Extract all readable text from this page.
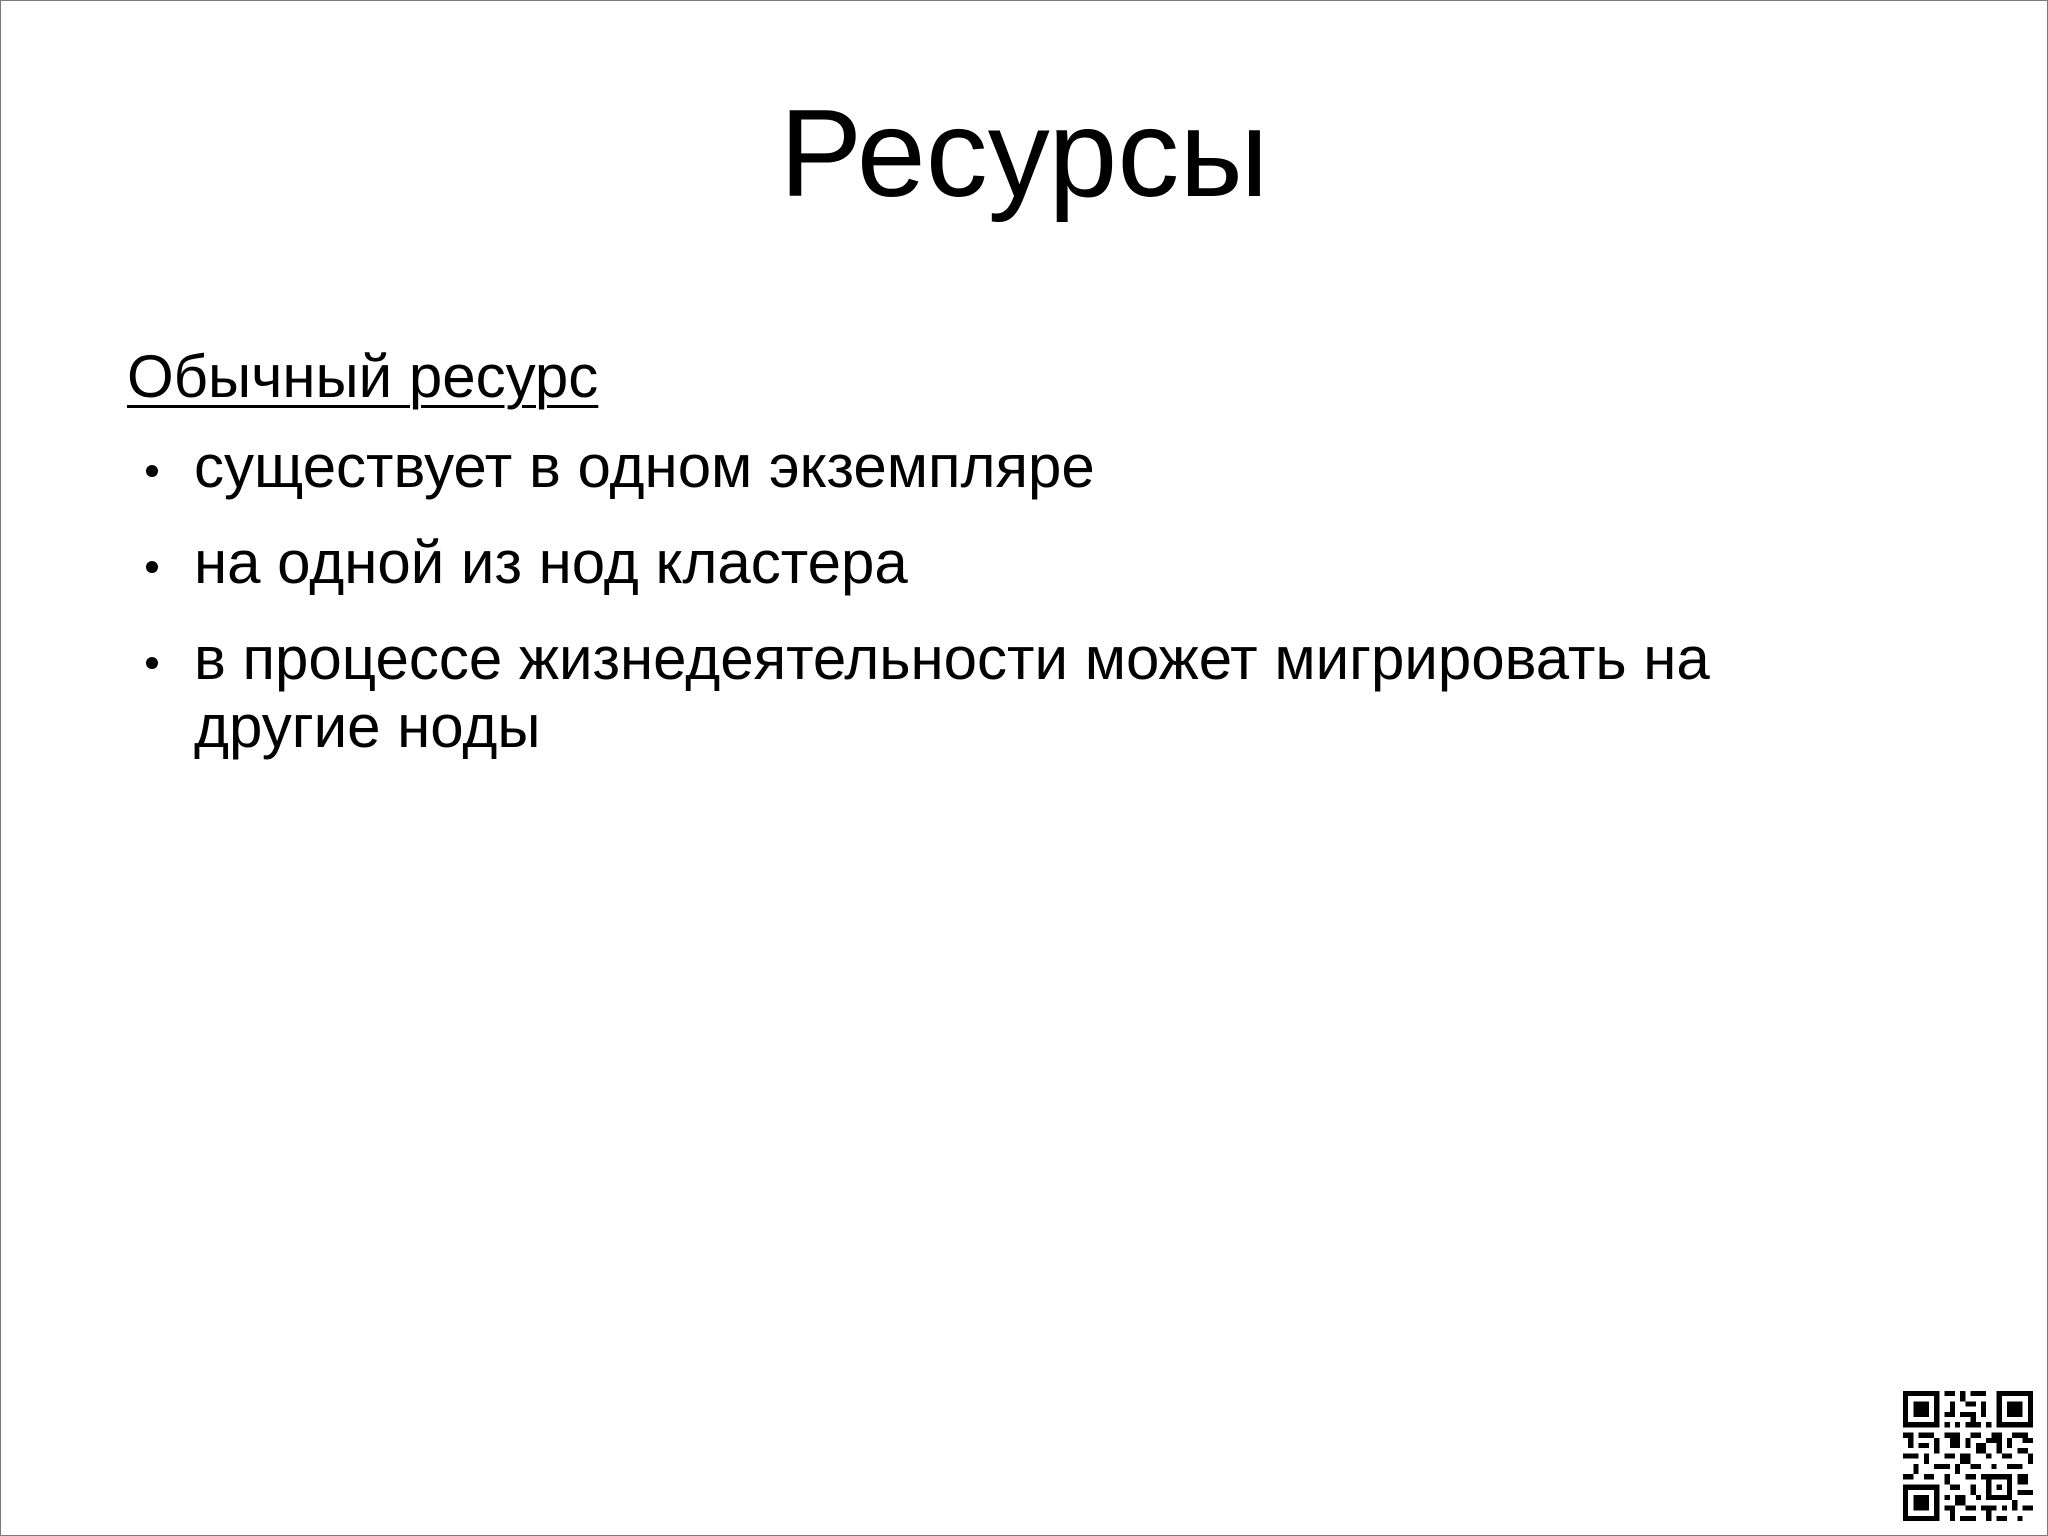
Ресурсы
Обычный ресурс
существует в одном экземпляре
на одной из нод кластера
в процессе жизнедеятельности может мигрировать на другие ноды
